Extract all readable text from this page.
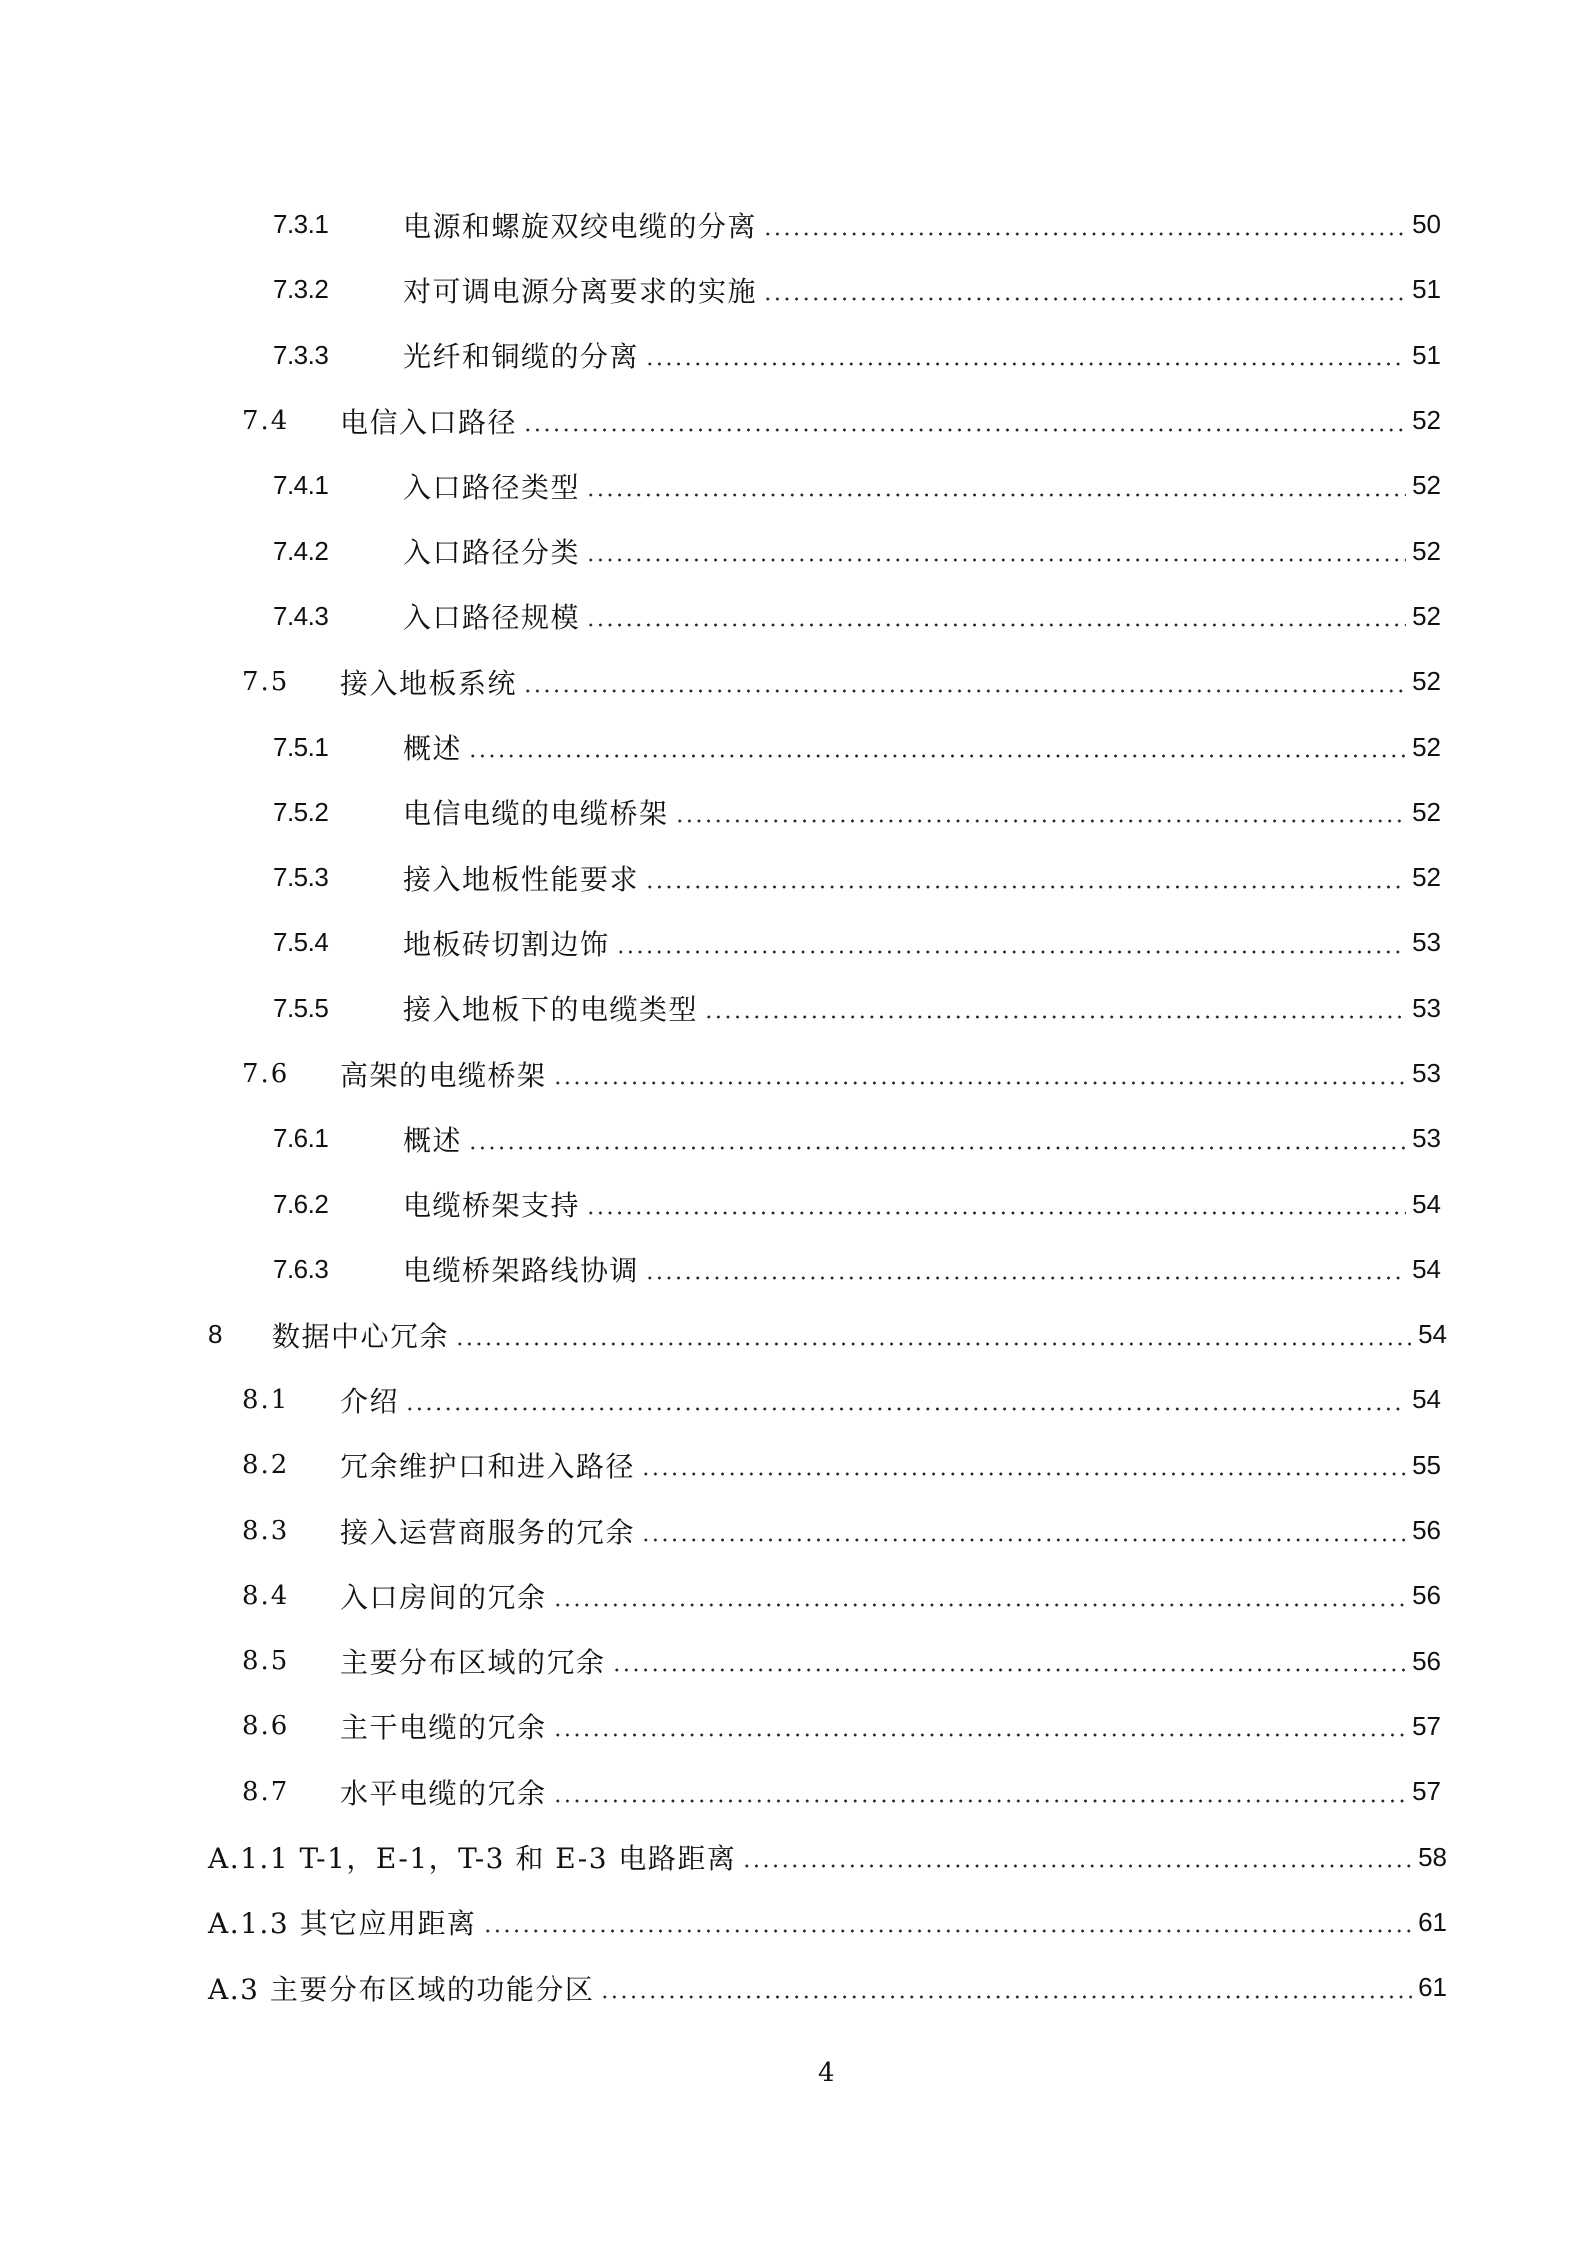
7.3.1	电源和螺旋双绞电缆的分离	50
7.3.2	对可调电源分离要求的实施	51
7.3.3	光纤和铜缆的分离	51
7.4 电信入口路径	52
7.4.1	入口路径类型	52
7.4.2	入口路径分类	52
7.4.3	入口路径规模	52
7.5 接入地板系统	52
7.5.1	概述	52
7.5.2	电信电缆的电缆桥架	52
7.5.3	接入地板性能要求	52
7.5.4	地板砖切割边饰	53
7.5.5	接入地板下的电缆类型	53
7.6 高架的电缆桥架	53
7.6.1	概述	53
7.6.2	电缆桥架支持	54
7.6.3	电缆桥架路线协调	54
8 数据中心冗余	54
8.1 介绍	54
8.2 冗余维护口和进入路径	55
8.3 接入运营商服务的冗余	56
8.4 入口房间的冗余	56
8.5 主要分布区域的冗余	56
8.6 主干电缆的冗余	57
8.7 水平电缆的冗余	57
A.1.1 T-1，E-1，T-3 和 E-3 电路距离	58
A.1.3 其它应用距离	61
A.3 主要分布区域的功能分区	61
4
